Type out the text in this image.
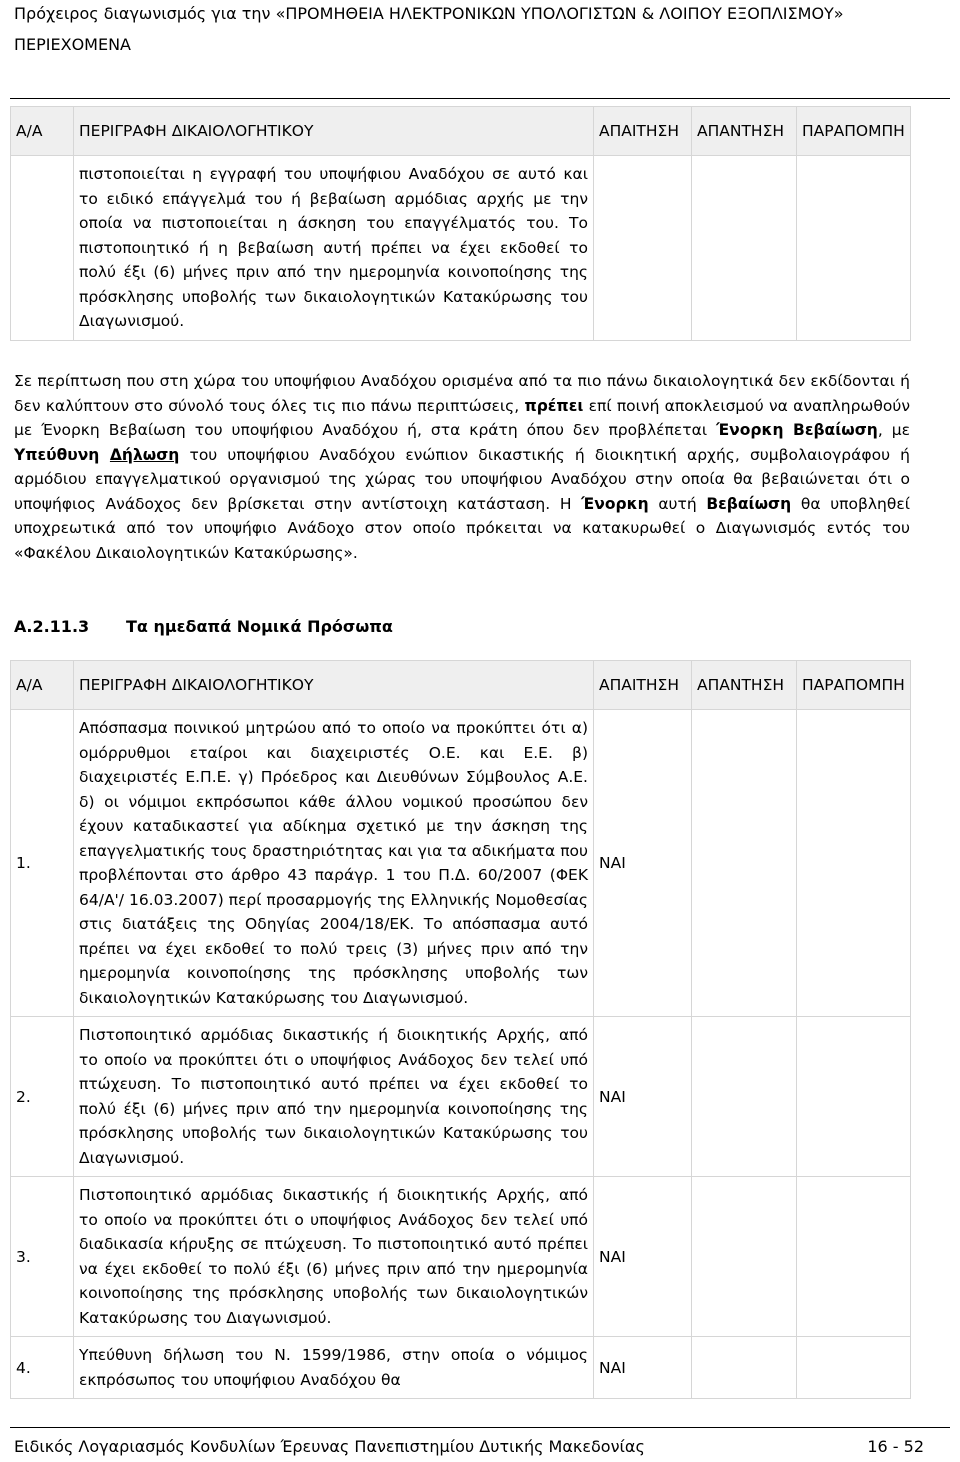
Πρόχειρος διαγωνισμός για την «ΠΡΟΜΗΘΕΙΑ ΗΛΕΚΤΡΟΝΙΚΩΝ ΥΠΟΛΟΓΙΣΤΩΝ & ΛΟΙΠΟΥ ΕΞΟΠΛΙΣΜΟΥ»
ΠΕΡΙΕΧΟΜΕΝΑ
Α/Α	ΠΕΡΙΓΡΑΦΗ ΔΙΚΑΙΟΛΟΓΗΤΙΚΟΥ	ΑΠΑΙΤΗΣΗ	ΑΠΑΝΤΗΣΗ	ΠΑΡΑΠΟΜΠΗ
	πιστοποιείται η εγγραφή του υποψήφιου Αναδόχου σε αυτό και το ειδικό επάγγελμά του ή βεβαίωση αρμόδιας αρχής με την οποία να πιστοποιείται η άσκηση του επαγγέλματός του. Το πιστοποιητικό ή η βεβαίωση αυτή πρέπει να έχει εκδοθεί το πολύ έξι (6) μήνες πριν από την ημερομηνία κοινοποίησης της πρόσκλησης υποβολής των δικαιολογητικών Κατακύρωσης του Διαγωνισμού.			
Σε περίπτωση που στη χώρα του υποψήφιου Αναδόχου ορισμένα από τα πιο πάνω δικαιολογητικά δεν εκδίδονται ή δεν καλύπτουν στο σύνολό τους όλες τις πιο πάνω περιπτώσεις, πρέπει επί ποινή αποκλεισμού να αναπληρωθούν με Ένορκη Βεβαίωση του υποψήφιου Αναδόχου ή, στα κράτη όπου δεν προβλέπεται Ένορκη Βεβαίωση, με Υπεύθυνη Δήλωση του υποψήφιου Αναδόχου ενώπιον δικαστικής ή διοικητική αρχής, συμβολαιογράφου ή αρμόδιου επαγγελματικού οργανισμού της χώρας του υποψήφιου Αναδόχου στην οποία θα βεβαιώνεται ότι ο υποψήφιος Ανάδοχος δεν βρίσκεται στην αντίστοιχη κατάσταση. Η Ένορκη αυτή Βεβαίωση θα υποβληθεί υποχρεωτικά από τον υποψήφιο Ανάδοχο στον οποίο πρόκειται να κατακυρωθεί ο Διαγωνισμός εντός του «Φακέλου Δικαιολογητικών Κατακύρωσης».
Α.2.11.3 Τα ημεδαπά Νομικά Πρόσωπα
Α/Α	ΠΕΡΙΓΡΑΦΗ ΔΙΚΑΙΟΛΟΓΗΤΙΚΟΥ	ΑΠΑΙΤΗΣΗ	ΑΠΑΝΤΗΣΗ	ΠΑΡΑΠΟΜΠΗ
1.	Απόσπασμα ποινικού μητρώου από το οποίο να προκύπτει ότι α) ομόρρυθμοι εταίροι και διαχειριστές Ο.Ε. και Ε.Ε. β) διαχειριστές Ε.Π.Ε. γ) Πρόεδρος και Διευθύνων Σύμβουλος Α.Ε. δ) οι νόμιμοι εκπρόσωποι κάθε άλλου νομικού προσώπου δεν έχουν καταδικαστεί για αδίκημα σχετικό με την άσκηση της επαγγελματικής τους δραστηριότητας και για τα αδικήματα που προβλέπονται στο άρθρο 43 παράγρ. 1 του Π.Δ. 60/2007 (ΦΕΚ 64/Α'/ 16.03.2007) περί προσαρμογής της Ελληνικής Νομοθεσίας στις διατάξεις της Οδηγίας 2004/18/ΕΚ. Το απόσπασμα αυτό πρέπει να έχει εκδοθεί το πολύ τρεις (3) μήνες πριν από την ημερομηνία κοινοποίησης της πρόσκλησης υποβολής των δικαιολογητικών Κατακύρωσης του Διαγωνισμού.	ΝΑΙ		
2.	Πιστοποιητικό αρμόδιας δικαστικής ή διοικητικής Αρχής, από το οποίο να προκύπτει ότι ο υποψήφιος Ανάδοχος δεν τελεί υπό πτώχευση. Το πιστοποιητικό αυτό πρέπει να έχει εκδοθεί το πολύ έξι (6) μήνες πριν από την ημερομηνία κοινοποίησης της πρόσκλησης υποβολής των δικαιολογητικών Κατακύρωσης του Διαγωνισμού.	ΝΑΙ		
3.	Πιστοποιητικό αρμόδιας δικαστικής ή διοικητικής Αρχής, από το οποίο να προκύπτει ότι ο υποψήφιος Ανάδοχος δεν τελεί υπό διαδικασία κήρυξης σε πτώχευση. Το πιστοποιητικό αυτό πρέπει να έχει εκδοθεί το πολύ έξι (6) μήνες πριν από την ημερομηνία κοινοποίησης της πρόσκλησης υποβολής των δικαιολογητικών Κατακύρωσης του Διαγωνισμού.	ΝΑΙ		
4.	Υπεύθυνη δήλωση του Ν. 1599/1986, στην οποία ο νόμιμος εκπρόσωπος του υποψήφιου Αναδόχου θα	ΝΑΙ		
Ειδικός Λογαριασμός Κονδυλίων Έρευνας Πανεπιστημίου Δυτικής Μακεδονίας	16 - 52
